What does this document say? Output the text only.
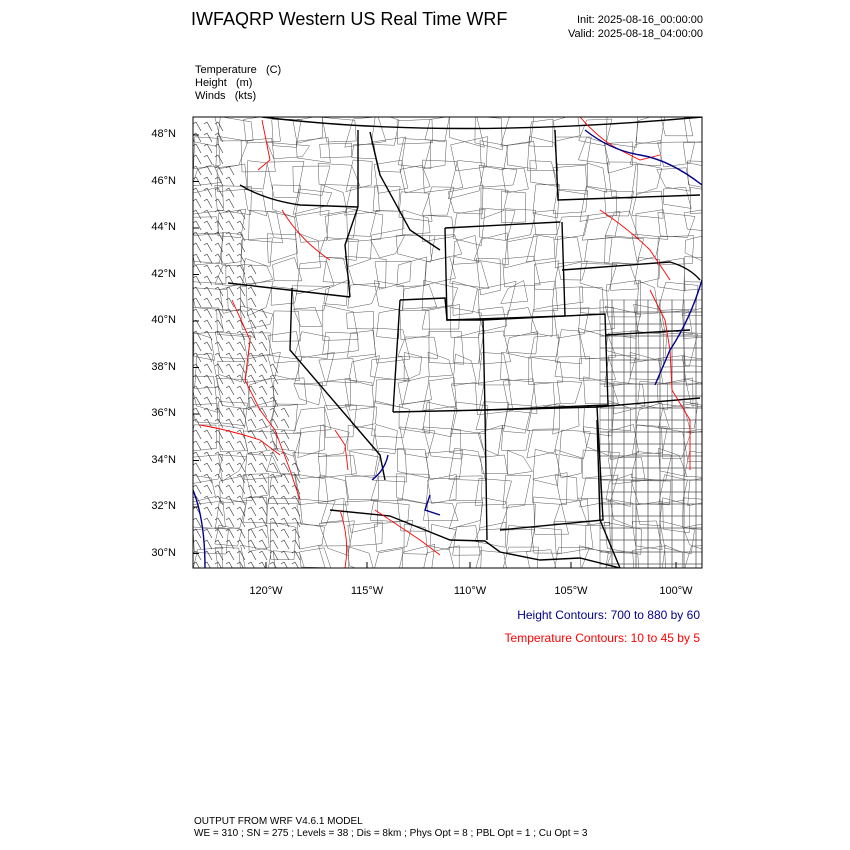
IWFAQRP Western US Real Time WRF	Init: 2025-08-16_00:00:00
Valid: 2025-08-18_04:00:00
Temperature (C)
Height (m)
Winds (kts)
48°N
46°N
44°N
42°N
40°N
38°N
36°N
34°N
32°N
30°N
120°W	115°W	110°W	105°W	100°W
Height Contours: 700 to 880 by 60
Temperature Contours: 10 to 45 by 5
OUTPUT FROM WRF V4.6.1 MODEL
WE = 310 ; SN = 275 ; Levels = 38 ; Dis = 8km ; Phys Opt = 8 ; PBL Opt = 1 ; Cu Opt = 3
